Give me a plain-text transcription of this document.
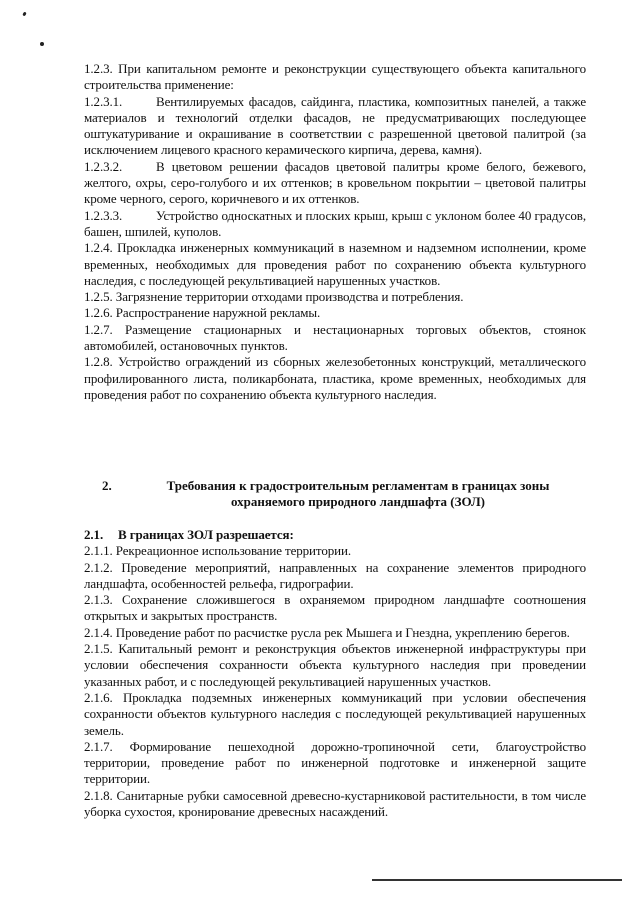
1.2.3. При капитальном ремонте и реконструкции существующего объекта капитального строительства применение:

1.2.3.1.	Вентилируемых фасадов, сайдинга, пластика, композитных панелей, а также материалов и технологий отделки фасадов, не предусматривающих последующее оштукатуривание и окрашивание в соответствии с разрешенной цветовой палитрой (за исключением лицевого красного керамического кирпича, дерева, камня).

1.2.3.2.	В цветовом решении фасадов цветовой палитры кроме белого, бежевого, желтого, охры, серо-голубого и их оттенков; в кровельном покрытии – цветовой палитры кроме черного, серого, коричневого и их оттенков.

1.2.3.3.	Устройство односкатных и плоских крыш, крыш с уклоном более 40 градусов, башен, шпилей, куполов.

1.2.4. Прокладка инженерных коммуникаций в наземном и надземном исполнении, кроме временных, необходимых для проведения работ по сохранению объекта культурного наследия, с последующей рекультивацией нарушенных участков.

1.2.5. Загрязнение территории отходами производства и потребления.

1.2.6. Распространение наружной рекламы.

1.2.7. Размещение стационарных и нестационарных торговых объектов, стоянок автомобилей, остановочных пунктов.

1.2.8. Устройство ограждений из сборных железобетонных конструкций, металлического профилированного листа, поликарбоната, пластика, кроме временных, необходимых для проведения работ по сохранению объекта культурного наследия.

2.	Требования к градостроительным регламентам в границах зоны охраняемого природного ландшафта (ЗОЛ)

2.1. В границах ЗОЛ разрешается:

2.1.1. Рекреационное использование территории.

2.1.2. Проведение мероприятий, направленных на сохранение элементов природного ландшафта, особенностей рельефа, гидрографии.

2.1.3. Сохранение сложившегося в охраняемом природном ландшафте соотношения открытых и закрытых пространств.

2.1.4. Проведение работ по расчистке русла рек Мышега и Гнездна, укреплению берегов.

2.1.5. Капитальный ремонт и реконструкция объектов инженерной инфраструктуры при условии обеспечения сохранности объекта культурного наследия при проведении указанных работ, и с последующей рекультивацией нарушенных участков.

2.1.6. Прокладка подземных инженерных коммуникаций при условии обеспечения сохранности объектов культурного наследия с последующей рекультивацией нарушенных земель.

2.1.7. Формирование пешеходной дорожно-тропиночной сети, благоустройство территории, проведение работ по инженерной подготовке и инженерной защите территории.

2.1.8. Санитарные рубки самосевной древесно-кустарниковой растительности, в том числе уборка сухостоя, кронирование древесных насаждений.
